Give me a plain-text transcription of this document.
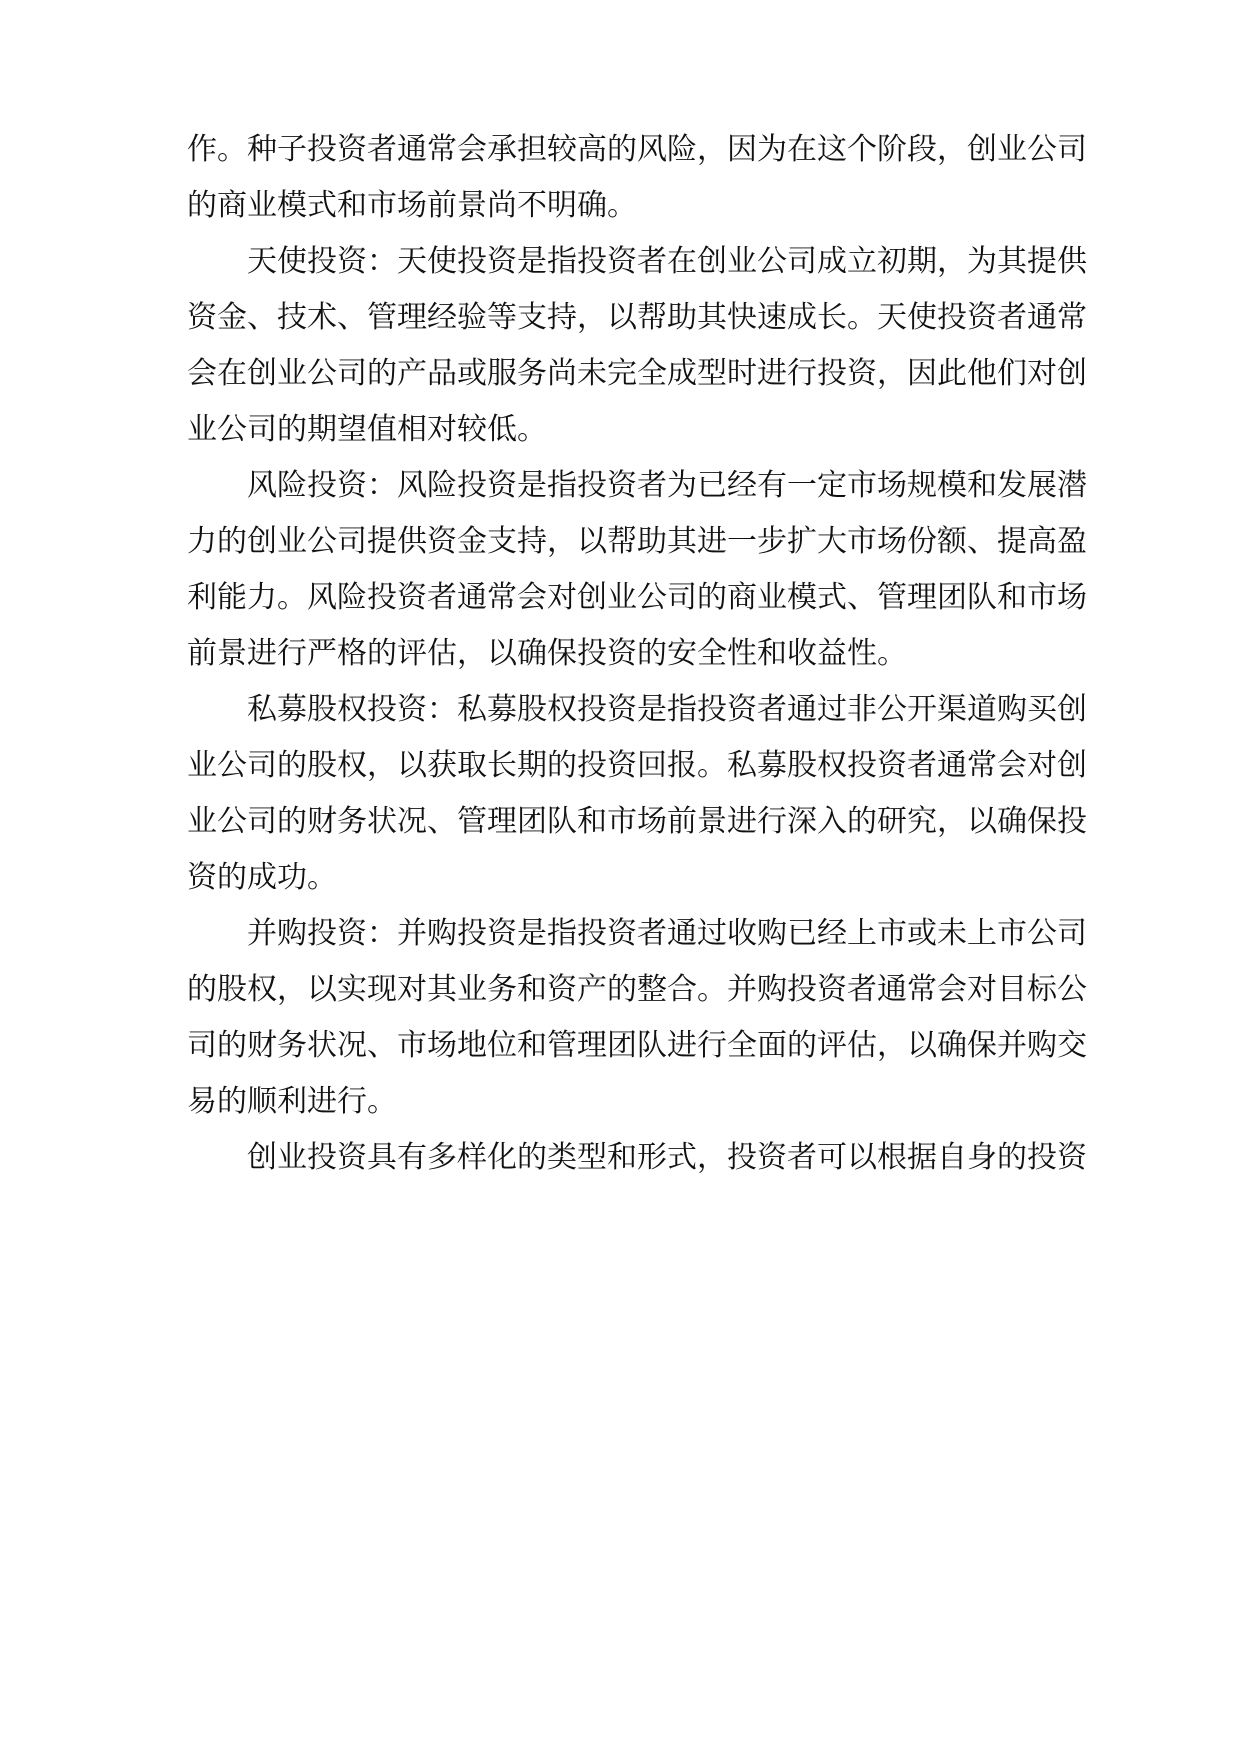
作。种子投资者通常会承担较高的风险，因为在这个阶段，创业公司
的商业模式和市场前景尚不明确。
天使投资：天使投资是指投资者在创业公司成立初期，为其提供
资金、技术、管理经验等支持，以帮助其快速成长。天使投资者通常
会在创业公司的产品或服务尚未完全成型时进行投资，因此他们对创
业公司的期望值相对较低。
风险投资：风险投资是指投资者为已经有一定市场规模和发展潜
力的创业公司提供资金支持，以帮助其进一步扩大市场份额、提高盈
利能力。风险投资者通常会对创业公司的商业模式、管理团队和市场
前景进行严格的评估，以确保投资的安全性和收益性。
私募股权投资：私募股权投资是指投资者通过非公开渠道购买创
业公司的股权，以获取长期的投资回报。私募股权投资者通常会对创
业公司的财务状况、管理团队和市场前景进行深入的研究，以确保投
资的成功。
并购投资：并购投资是指投资者通过收购已经上市或未上市公司
的股权，以实现对其业务和资产的整合。并购投资者通常会对目标公
司的财务状况、市场地位和管理团队进行全面的评估，以确保并购交
易的顺利进行。
创业投资具有多样化的类型和形式，投资者可以根据自身的投资
